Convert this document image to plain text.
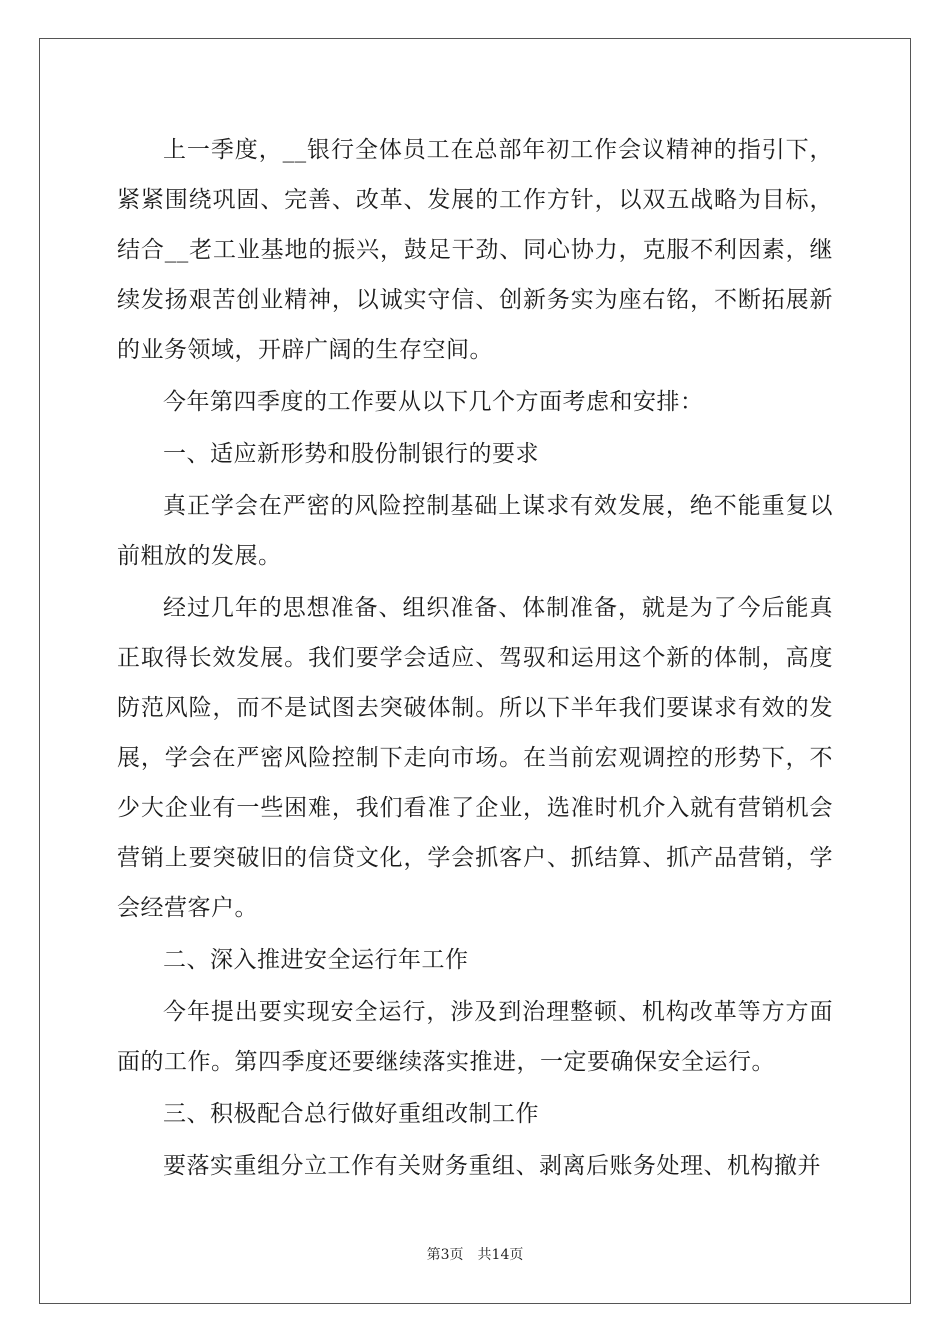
上一季度，__银行全体员工在总部年初工作会议精神的指引下，紧紧围绕巩固、完善、改革、发展的工作方针，以双五战略为目标，结合__老工业基地的振兴，鼓足干劲、同心协力，克服不利因素，继续发扬艰苦创业精神，以诚实守信、创新务实为座右铭，不断拓展新的业务领域，开辟广阔的生存空间。

今年第四季度的工作要从以下几个方面考虑和安排：

一、适应新形势和股份制银行的要求

真正学会在严密的风险控制基础上谋求有效发展，绝不能重复以前粗放的发展。

经过几年的思想准备、组织准备、体制准备，就是为了今后能真正取得长效发展。我们要学会适应、驾驭和运用这个新的体制，高度防范风险，而不是试图去突破体制。所以下半年我们要谋求有效的发展，学会在严密风险控制下走向市场。在当前宏观调控的形势下，不少大企业有一些困难，我们看准了企业，选准时机介入就有营销机会营销上要突破旧的信贷文化，学会抓客户、抓结算、抓产品营销，学会经营客户。

二、深入推进安全运行年工作

今年提出要实现安全运行，涉及到治理整顿、机构改革等方方面面的工作。第四季度还要继续落实推进，一定要确保安全运行。

三、积极配合总行做好重组改制工作

要落实重组分立工作有关财务重组、剥离后账务处理、机构撤并

第3页 共14页
